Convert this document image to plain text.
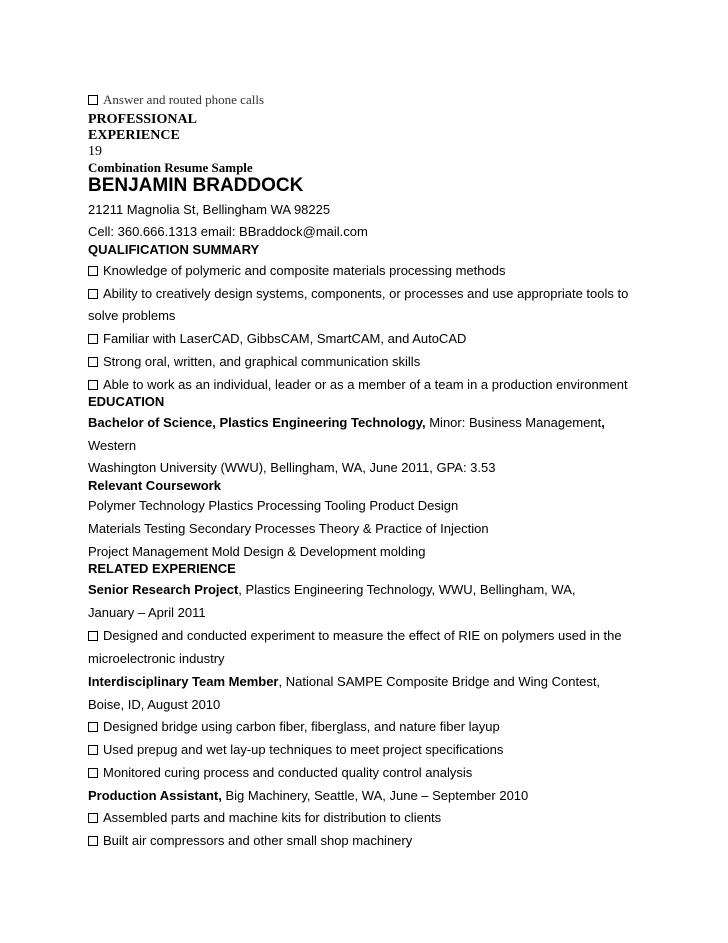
Answer and routed phone calls
PROFESSIONAL
EXPERIENCE
19
Combination Resume Sample
BENJAMIN BRADDOCK
21211 Magnolia St, Bellingham WA 98225
Cell: 360.666.1313 email: BBraddock@mail.com
QUALIFICATION SUMMARY
Knowledge of polymeric and composite materials processing methods
Ability to creatively design systems, components, or processes and use appropriate tools to
solve problems
Familiar with LaserCAD, GibbsCAM, SmartCAM, and AutoCAD
Strong oral, written, and graphical communication skills
Able to work as an individual, leader or as a member of a team in a production environment
EDUCATION
Bachelor of Science, Plastics Engineering Technology, Minor: Business Management,
Western
Washington University (WWU), Bellingham, WA, June 2011, GPA: 3.53
Relevant Coursework
Polymer Technology Plastics Processing Tooling Product Design
Materials Testing Secondary Processes Theory & Practice of Injection
Project Management Mold Design & Development molding
RELATED EXPERIENCE
Senior Research Project, Plastics Engineering Technology, WWU, Bellingham, WA,
January – April 2011
Designed and conducted experiment to measure the effect of RIE on polymers used in the
microelectronic industry
Interdisciplinary Team Member, National SAMPE Composite Bridge and Wing Contest,
Boise, ID, August 2010
Designed bridge using carbon fiber, fiberglass, and nature fiber layup
Used prepug and wet lay-up techniques to meet project specifications
Monitored curing process and conducted quality control analysis
Production Assistant, Big Machinery, Seattle, WA, June – September 2010
Assembled parts and machine kits for distribution to clients
Built air compressors and other small shop machinery
